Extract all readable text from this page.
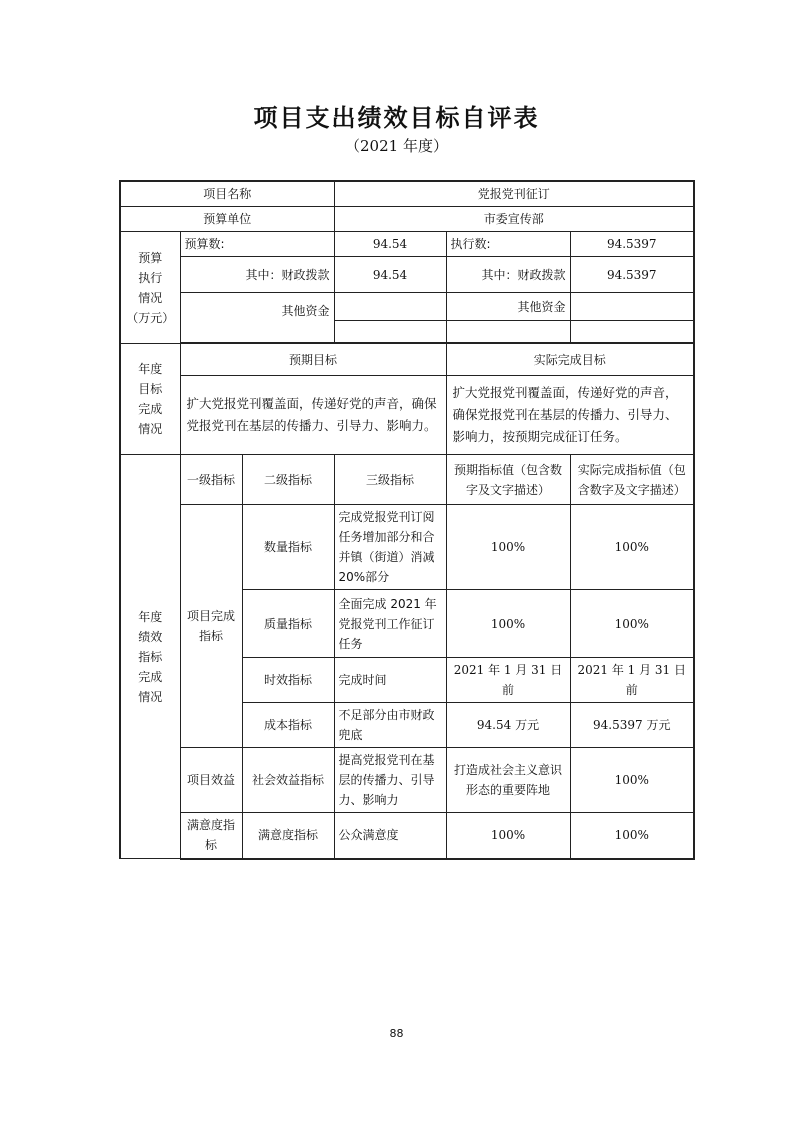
项目支出绩效目标自评表
（2021 年度）
项目名称			党报党刊征订		
预算单位			市委宣传部		

预算
执行
情况
（万元）	预算数:		94.54	执行数:	94.5397
	其中：财政拨款		94.54	其中：财政拨款	94.5397
	其他资金			其他资金	

年度
目标
完成
情况	预期目标			实际完成目标	
	扩大党报党刊覆盖面，传递好党的声音，确保党报党刊在基层的传播力、引导力、影响力。			扩大党报党刊覆盖面，传递好党的声音，确保党报党刊在基层的传播力、引导力、影响力，按预期完成征订任务。	

年度
绩效
指标
完成
情况	一级指标	二级指标	三级指标	预期指标值（包含数字及文字描述）	实际完成指标值（包含数字及文字描述）
	项目完成指标	数量指标	完成党报党刊订阅任务增加部分和合并镇（街道）消减20%部分	100%	100%
		质量指标	全面完成 2021 年党报党刊工作征订任务	100%	100%
		时效指标	完成时间	2021 年 1 月 31 日前	2021 年 1 月 31 日前
		成本指标	不足部分由市财政兜底	94.54 万元	94.5397 万元
	项目效益	社会效益指标	提高党报党刊在基层的传播力、引导力、影响力	打造成社会主义意识形态的重要阵地	100%
	满意度指标	满意度指标	公众满意度	100%	100%
88
